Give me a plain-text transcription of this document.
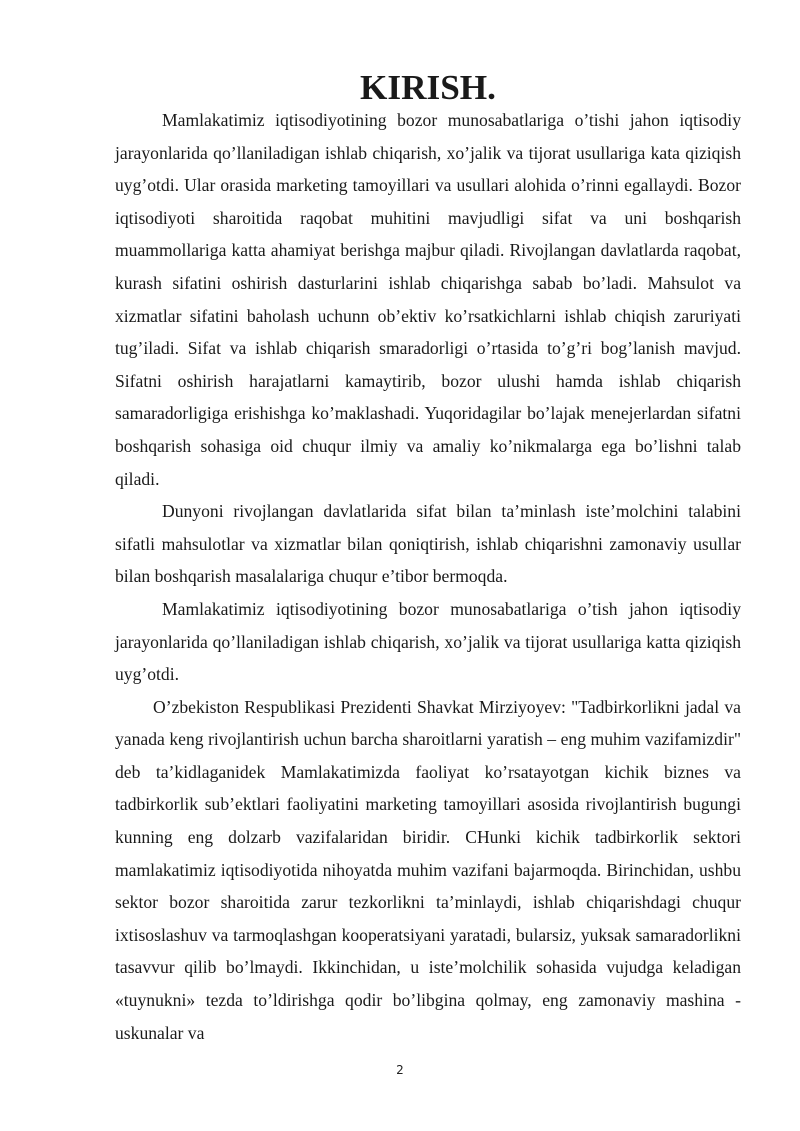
KIRISH.

Mamlakatimiz iqtisodiyotining bozor munosabatlariga o’tishi jahon iqtisodiy jarayonlarida qo’llaniladigan ishlab chiqarish, xo’jalik va tijorat usullariga kata qiziqish uyg’otdi. Ular orasida marketing tamoyillari va usullari alohida o’rinni egallaydi. Bozor iqtisodiyoti sharoitida raqobat muhitini mavjudligi sifat va uni boshqarish muammollariga katta ahamiyat berishga majbur qiladi. Rivojlangan davlatlarda raqobat, kurash sifatini oshirish dasturlarini ishlab chiqarishga sabab bo’ladi. Mahsulot va xizmatlar sifatini baholash uchunn ob’ektiv ko’rsatkichlarni ishlab chiqish zaruriyati tug’iladi. Sifat va ishlab chiqarish smaradorligi o’rtasida to’g’ri bog’lanish mavjud. Sifatni oshirish harajatlarni kamaytirib, bozor ulushi hamda ishlab chiqarish samaradorligiga erishishga ko’maklashadi. Yuqoridagilar bo’lajak menejerlardan sifatni boshqarish sohasiga oid chuqur ilmiy va amaliy ko’nikmalarga ega bo’lishni talab qiladi.

Dunyoni rivojlangan davlatlarida sifat bilan ta’minlash iste’molchini talabini sifatli mahsulotlar va xizmatlar bilan qoniqtirish, ishlab chiqarishni zamonaviy usullar bilan boshqarish masalalariga chuqur e’tibor bermoqda.

Mamlakatimiz iqtisodiyotining bozor munosabatlariga o’tish jahon iqtisodiy jarayonlarida qo’llaniladigan ishlab chiqarish, xo’jalik va tijorat usullariga katta qiziqish uyg’otdi.

O’zbekiston Respublikasi Prezidenti Shavkat Mirziyoyev: "Tadbirkorlikni jadal va yanada keng rivojlantirish uchun barcha sharoitlarni yaratish – eng muhim vazifamizdir" deb ta’kidlaganidek Mamlakatimizda faoliyat ko’rsatayotgan kichik biznes va tadbirkorlik sub’ektlari faoliyatini marketing tamoyillari asosida rivojlantirish bugungi kunning eng dolzarb vazifalaridan biridir. CHunki kichik tadbirkorlik sektori mamlakatimiz iqtisodiyotida nihoyatda muhim vazifani bajarmoqda. Birinchidan, ushbu sektor bozor sharoitida zarur tezkorlikni ta’minlaydi, ishlab chiqarishdagi chuqur ixtisoslashuv va tarmoqlashgan kooperatsiyani yaratadi, bularsiz, yuksak samaradorlikni tasavvur qilib bo’lmaydi. Ikkinchidan, u iste’molchilik sohasida vujudga keladigan «tuynukni» tezda to’ldirishga qodir bo’libgina qolmay, eng zamonaviy mashina - uskunalar va

2
